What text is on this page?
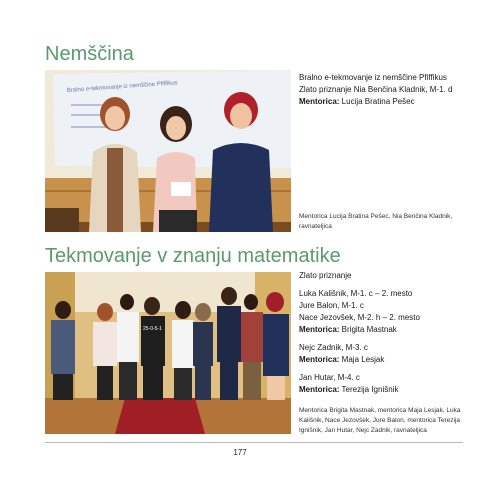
Nemščina
Bralno e-tekmovanje iz nemščine Pfiffikus

Bralno e-tekmovanje iz nemščine Pfiffikus

Zlato priznanje Nia Benčina Kladnik, M-1. d

Mentorica: Lucija Bratina Pešec

Mentorica Lucija Bratina Pešec, Nia Benčina Kladnik, ravnateljica
Tekmovanje v znanju matematike
25-0-5-1

Zlato priznanje

Luka Kališnik, M-1. c – 2. mesto
Jure Balon, M-1. c
Nace Jezovšek, M-2. h – 2. mesto

Mentorica: Brigita Mastnak

Nejc Zadnik, M-3. c

Mentorica: Maja Lesjak

Jan Hutar, M-4. c

Mentorica: Terezija Ignišnik

Mentorica Brigita Mastnak, mentorica Maja Lesjak, Luka Kališnik, Nace Jezovšek, Jure Balon, mentorica Terezija Ignišnik, Jan Hutar, Nejc Zadnik, ravnateljica
177
